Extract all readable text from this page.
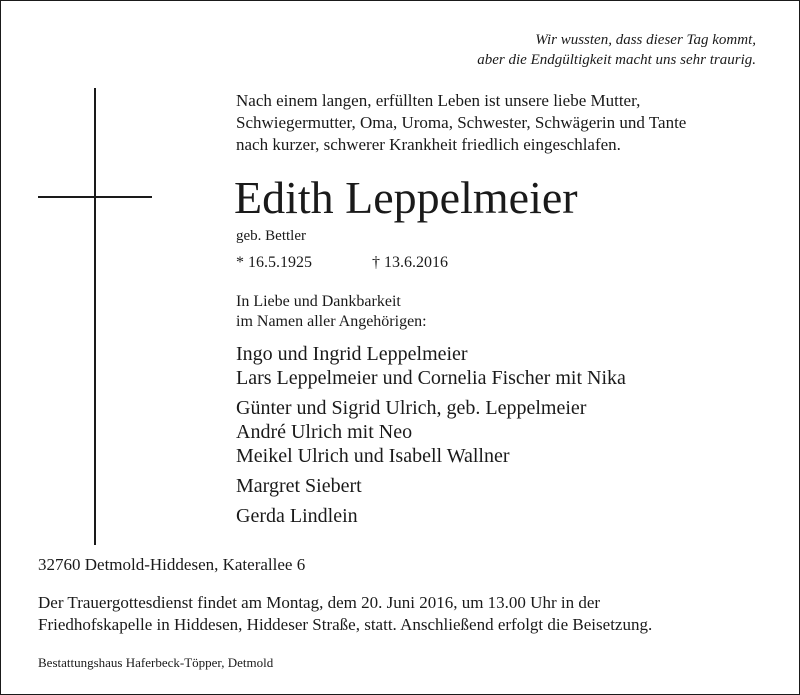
Wir wussten, dass dieser Tag kommt,
aber die Endgültigkeit macht uns sehr traurig.
Nach einem langen, erfüllten Leben ist unsere liebe Mutter,
Schwiegermutter, Oma, Uroma, Schwester, Schwägerin und Tante
nach kurzer, schwerer Krankheit friedlich eingeschlafen.
Edith Leppelmeier
geb. Bettler
* 16.5.1925	† 13.6.2016
In Liebe und Dankbarkeit
im Namen aller Angehörigen:
Ingo und Ingrid Leppelmeier
Lars Leppelmeier und Cornelia Fischer mit Nika
Günter und Sigrid Ulrich, geb. Leppelmeier
André Ulrich mit Neo
Meikel Ulrich und Isabell Wallner
Margret Siebert
Gerda Lindlein
32760 Detmold-Hiddesen, Katerallee 6
Der Trauergottesdienst findet am Montag, dem 20. Juni 2016, um 13.00 Uhr in der
Friedhofskapelle in Hiddesen, Hiddeser Straße, statt. Anschließend erfolgt die Beisetzung.
Bestattungshaus Haferbeck-Töpper, Detmold
